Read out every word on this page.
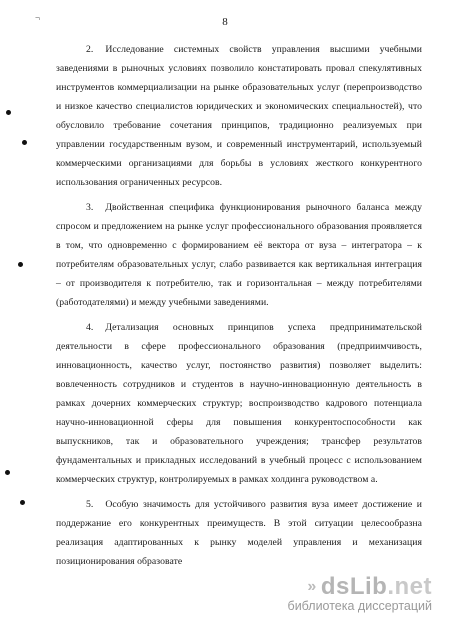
¬	8

2. Исследование системных свойств управления высшими учебными заведениями в рыночных условиях позволило констатировать провал спекулятивных инструментов коммерциализации на рынке образовательных услуг (перепроизводство и низкое качество специалистов юридических и экономических специальностей), что обусловило требование сочетания принципов, традиционно реализуемых при управлении государственным вузом, и современный инструментарий, используемый коммерческими организациями для борьбы в условиях жесткого конкурентного использования ограниченных ресурсов.

3. Двойственная специфика функционирования рыночного баланса между спросом и предложением на рынке услуг профессионального образования проявляется в том, что одновременно с формированием её вектора от вуза – интегратора – к потребителям образовательных услуг, слабо развивается как вертикальная интеграция – от производителя к потребителю, так и горизонтальная – между потребителями (работодателями) и между учебными заведениями.

4. Детализация основных принципов успеха предпринимательской деятельности в сфере профессионального образования (предприимчивость, инновационность, качество услуг, постоянство развития) позволяет выделить: вовлеченность сотрудников и студентов в научно-инновационную деятельность в рамках дочерних коммерческих структур; воспроизводство кадрового потенциала научно-инновационной сферы для повышения конкурентоспособности как выпускников, так и образовательного учреждения; трансфер результатов фундаментальных и прикладных исследований в учебный процесс с использованием коммерческих структур, контролируемых в рамках холдинга руководством а.

5. Особую значимость для устойчивого развития вуза имеет достижение и поддержание его конкурентных преимуществ. В этой ситуации целесообразна реализация адаптированных к рынку моделей управления и механизация позиционирования образовате

» dsLib .net
библиотека диссертаций
